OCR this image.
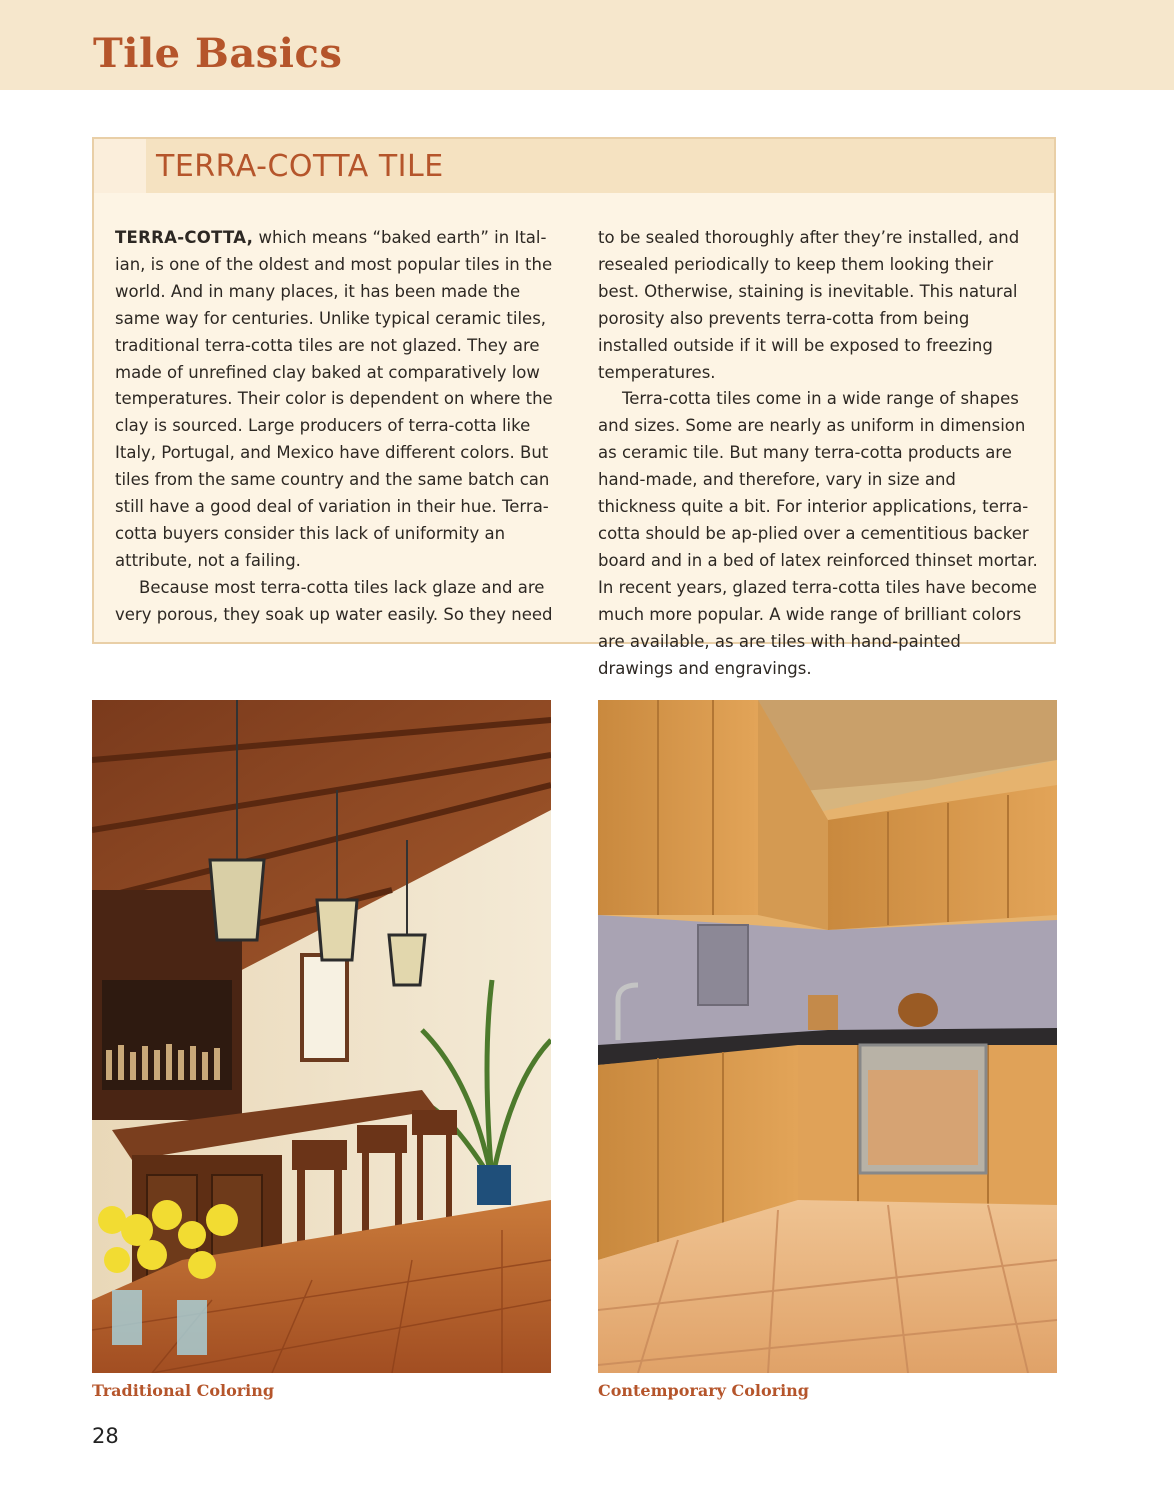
Tile Basics
TERRA-COTTA TILE

TERRA-COTTA, which means “baked earth” in Ital-ian, is one of the oldest and most popular tiles in the world. And in many places, it has been made the same way for centuries. Unlike typical ceramic tiles, traditional terra-cotta tiles are not glazed. They are made of unrefined clay baked at comparatively low temperatures. Their color is dependent on where the clay is sourced. Large producers of terra-cotta like Italy, Portugal, and Mexico have different colors. But tiles from the same country and the same batch can still have a good deal of variation in their hue. Terra-cotta buyers consider this lack of uniformity an attribute, not a failing.

Because most terra-cotta tiles lack glaze and are very porous, they soak up water easily. So they need

to be sealed thoroughly after they’re installed, and resealed periodically to keep them looking their best. Otherwise, staining is inevitable. This natural porosity also prevents terra-cotta from being installed outside if it will be exposed to freezing temperatures.

Terra-cotta tiles come in a wide range of shapes and sizes. Some are nearly as uniform in dimension as ceramic tile. But many terra-cotta products are hand-made, and therefore, vary in size and thickness quite a bit. For interior applications, terra-cotta should be ap-plied over a cementitious backer board and in a bed of latex reinforced thinset mortar. In recent years, glazed terra-cotta tiles have become much more popular. A wide range of brilliant colors are available, as are tiles with hand-painted drawings and engravings.

Traditional Coloring	Contemporary Coloring
28
